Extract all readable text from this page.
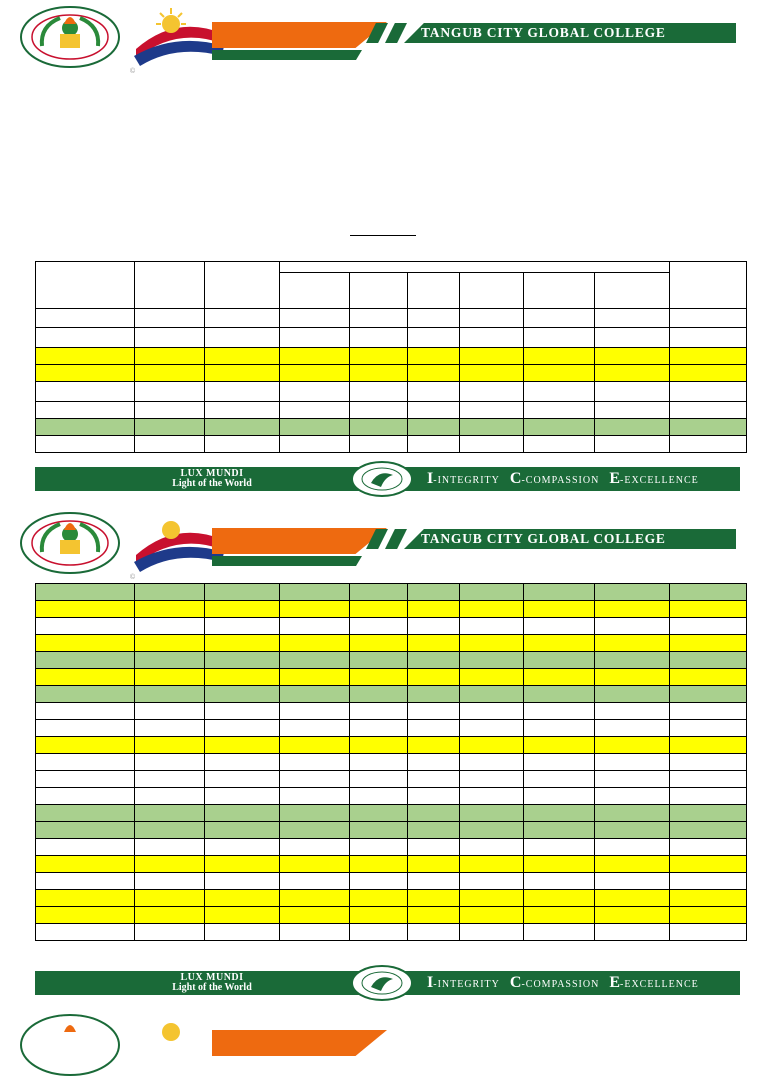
TANGUB CITY GLOBAL COLLEGE
©

LUX MUNDI
Light of the World	I-INTEGRITY C-COMPASSION E-EXCELLENCE
TANGUB CITY GLOBAL COLLEGE
©

LUX MUNDI
Light of the World	I-INTEGRITY C-COMPASSION E-EXCELLENCE
